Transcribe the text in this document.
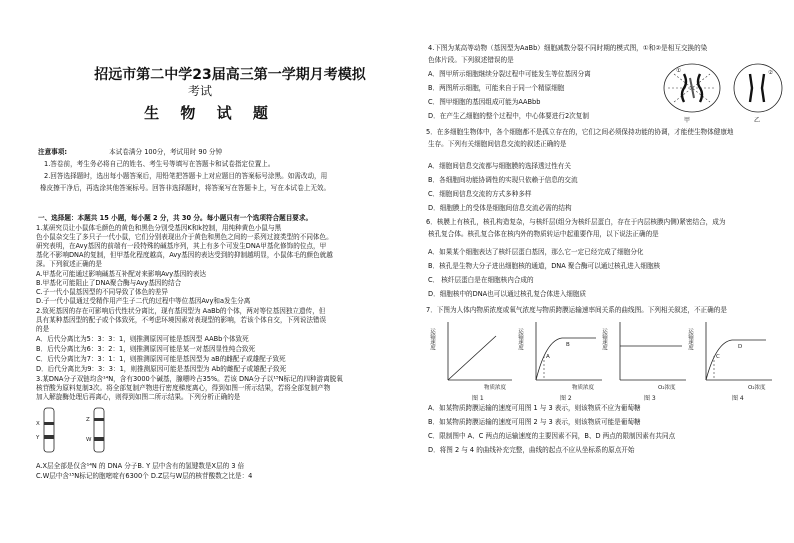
招远市第二中学23届高三第一学期月考模拟
考试
生 物 试 题
注意事项:	本试卷满分 100分，考试用时 90 分钟
1.答卷前，考生务必将自己的姓名、考生号等填写在答题卡和试卷指定位置上。
2.回答选择题时，选出每小题答案后，用铅笔把答题卡上对应题目的答案标号涂黑。如需改动，用
橡皮擦干净后，再选涂其他答案标号。回答非选择题时，将答案写在答题卡上，写在本试卷上无效。
一、选择题：本题共 15 小题，每小题 2 分，共 30 分。每小题只有一个选项符合题目要求。
1.某研究员让小鼠体毛颜色的黄色和黑色分别受基因K和k控制，用纯种黄色小鼠与黑
色小鼠杂交生了多只子一代小鼠，它们分别表现出介于黄色和黑色之间的一系列过渡类型的不同体色。
研究表明，在Avy基因的前端有一段特殊的碱基序列，其上有多个可发生DNA甲基化修饰的位点，甲
基化不影响DNA的复制，但甲基化程度越高，Avy基因的表达受到的抑制越明显，小鼠体毛的颜色就越
深。下列叙述正确的是
A.甲基化可能通过影响碱基互补配对来影响Avy基因的表达
B.甲基化可能阻止了DNA聚合酶与Avy基因的结合
C.子一代小鼠基因型的不同导致了体色的差异
D.子一代小鼠通过受精作用产生子二代的过程中等位基因Avy和a发生分离
2.致死基因的存在可影响后代性状分离比，现有基因型为 AaBb的个体，两对等位基因独立遗传，但
具有某种基因型的配子或个体致死，不考虑环境因素对表现型的影响，若该个体自交，下列说法错误
的是
A．后代分离比为5：3：3：1，则推测原因可能是基因型 AABb个体致死
B．后代分离比为6：3：2：1，则推测原因可能是某一对基因显性纯合致死
C．后代分离比为7：3：1：1，则推测原因可能是基因型为 aB的雌配子或雄配子致死
D．后代分离比为9：3：3：1，则推测原因可能是基因型为 Ab的雌配子或雄配子致死
3.某DNA分子双链均含¹⁴N，含有3000个碱基，腺嘌呤占35%。若该 DNA分子以¹⁵N标记的四种游离脱氧
核苷酸为原料复制3次。将全部复制产物进行密度梯度离心，得到如图一所示结果，若将全部复制产物
加入解旋酶处理后再离心，则得到如图二所示结果。下列分析正确的是
X
Y
Z
W
A.X层全部是仅含¹⁴N 的 DNA 分子B. Y 层中含有的氢键数是X层的 3 倍
C.W层中含¹⁵N标记的胞嘧啶有6300个 D.Z层与W层的核苷酸数之比是：4
4.下图为某高等动物（基因型为AaBb）细胞减数分裂不同时期的模式图，①和②是相互交换的染
色体片段。下列叙述错误的是
A．图甲所示细胞继续分裂过程中可能发生等位基因分离
B．两图所示细胞，可能来自于同一个精原细胞
C．图甲细胞的基因组成可能为AABbb
D．在产生乙细胞的整个过程中，中心体要进行2次复制
①
甲
②
乙
5．在多细胞生物体中，各个细胞都不是孤立存在的，它们之间必须保持功能的协调，才能使生物体健康地
生存。下列有关细胞间信息交流的叙述正确的是
A．细胞间信息交流都与细胞膜的选择透过性有关
B．各细胞间功能协调性的实现只依赖于信息的交流
C．细胞间信息交流的方式多种多样
D．细胞膜上的受体是细胞间信息交流必需的结构
6．核膜上有核孔，核孔构造复杂，与核纤层(组分为核纤层蛋白，存在于内层核膜内侧)紧密结合，成为
核孔复合体。核孔复合体在核内外的物质转运中起重要作用，以下说法正确的是
A．如果某个细胞表达了核纤层蛋白基因，那么它一定已经完成了细胞分化
B．核孔是生物大分子进出细胞核的通道，DNA 聚合酶可以通过核孔进入细胞核
C． 核纤层蛋白是在细胞核内合成的
D．细胞核中的DNA也可以通过核孔复合体进入细胞质
7．下图为人体内物质浓度或氧气浓度与物质跨膜运输速率间关系的曲线图。下列相关叙述，不正确的是
运输速度
物质浓度
图 1
A
B
运输速度
物质浓度
图 2
运输速度
O₂浓度
图 3
C
D
运输速度
O₂浓度
图 4
A．如某物质跨膜运输的速度可用图 1 与 3 表示，则该物质不应为葡萄糖
B．如某物质跨膜运输的速度可用图 2 与 3 表示，则该物质可能是葡萄糖
C．限制图中 A、C 两点的运输速度的主要因素不同，B、D 两点的限制因素有共同点
D．将图 2 与 4 的曲线补充完整，曲线的起点不应从坐标系的原点开始
